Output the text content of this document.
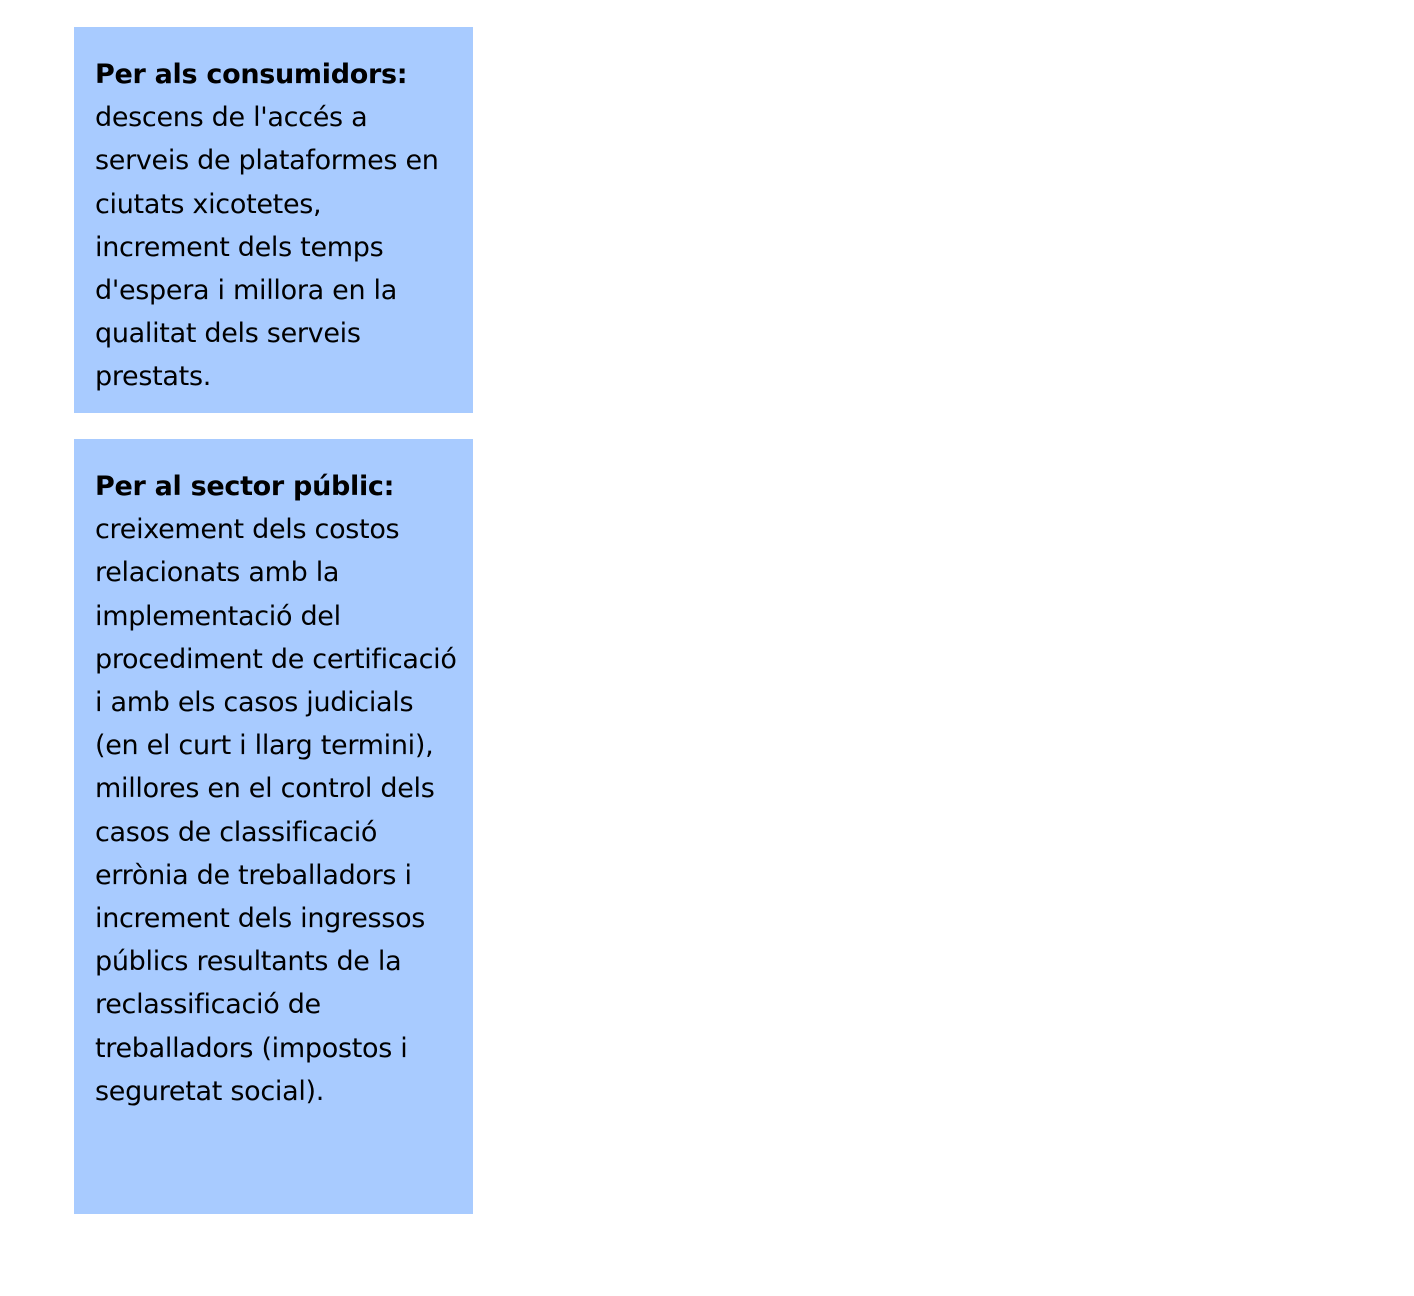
Per als consumidors:
descens de l'accés a serveis de plataformes en ciutats xicotetes, increment dels temps d'espera i millora en la qualitat dels serveis prestats.
Per al sector públic:
creixement dels costos relacionats amb la implementació del procediment de certificació i amb els casos judicials (en el curt i llarg termini), millores en el control dels casos de classificació errònia de treballadors i increment dels ingressos públics resultants de la reclassificació de treballadors (impostos i seguretat social).
